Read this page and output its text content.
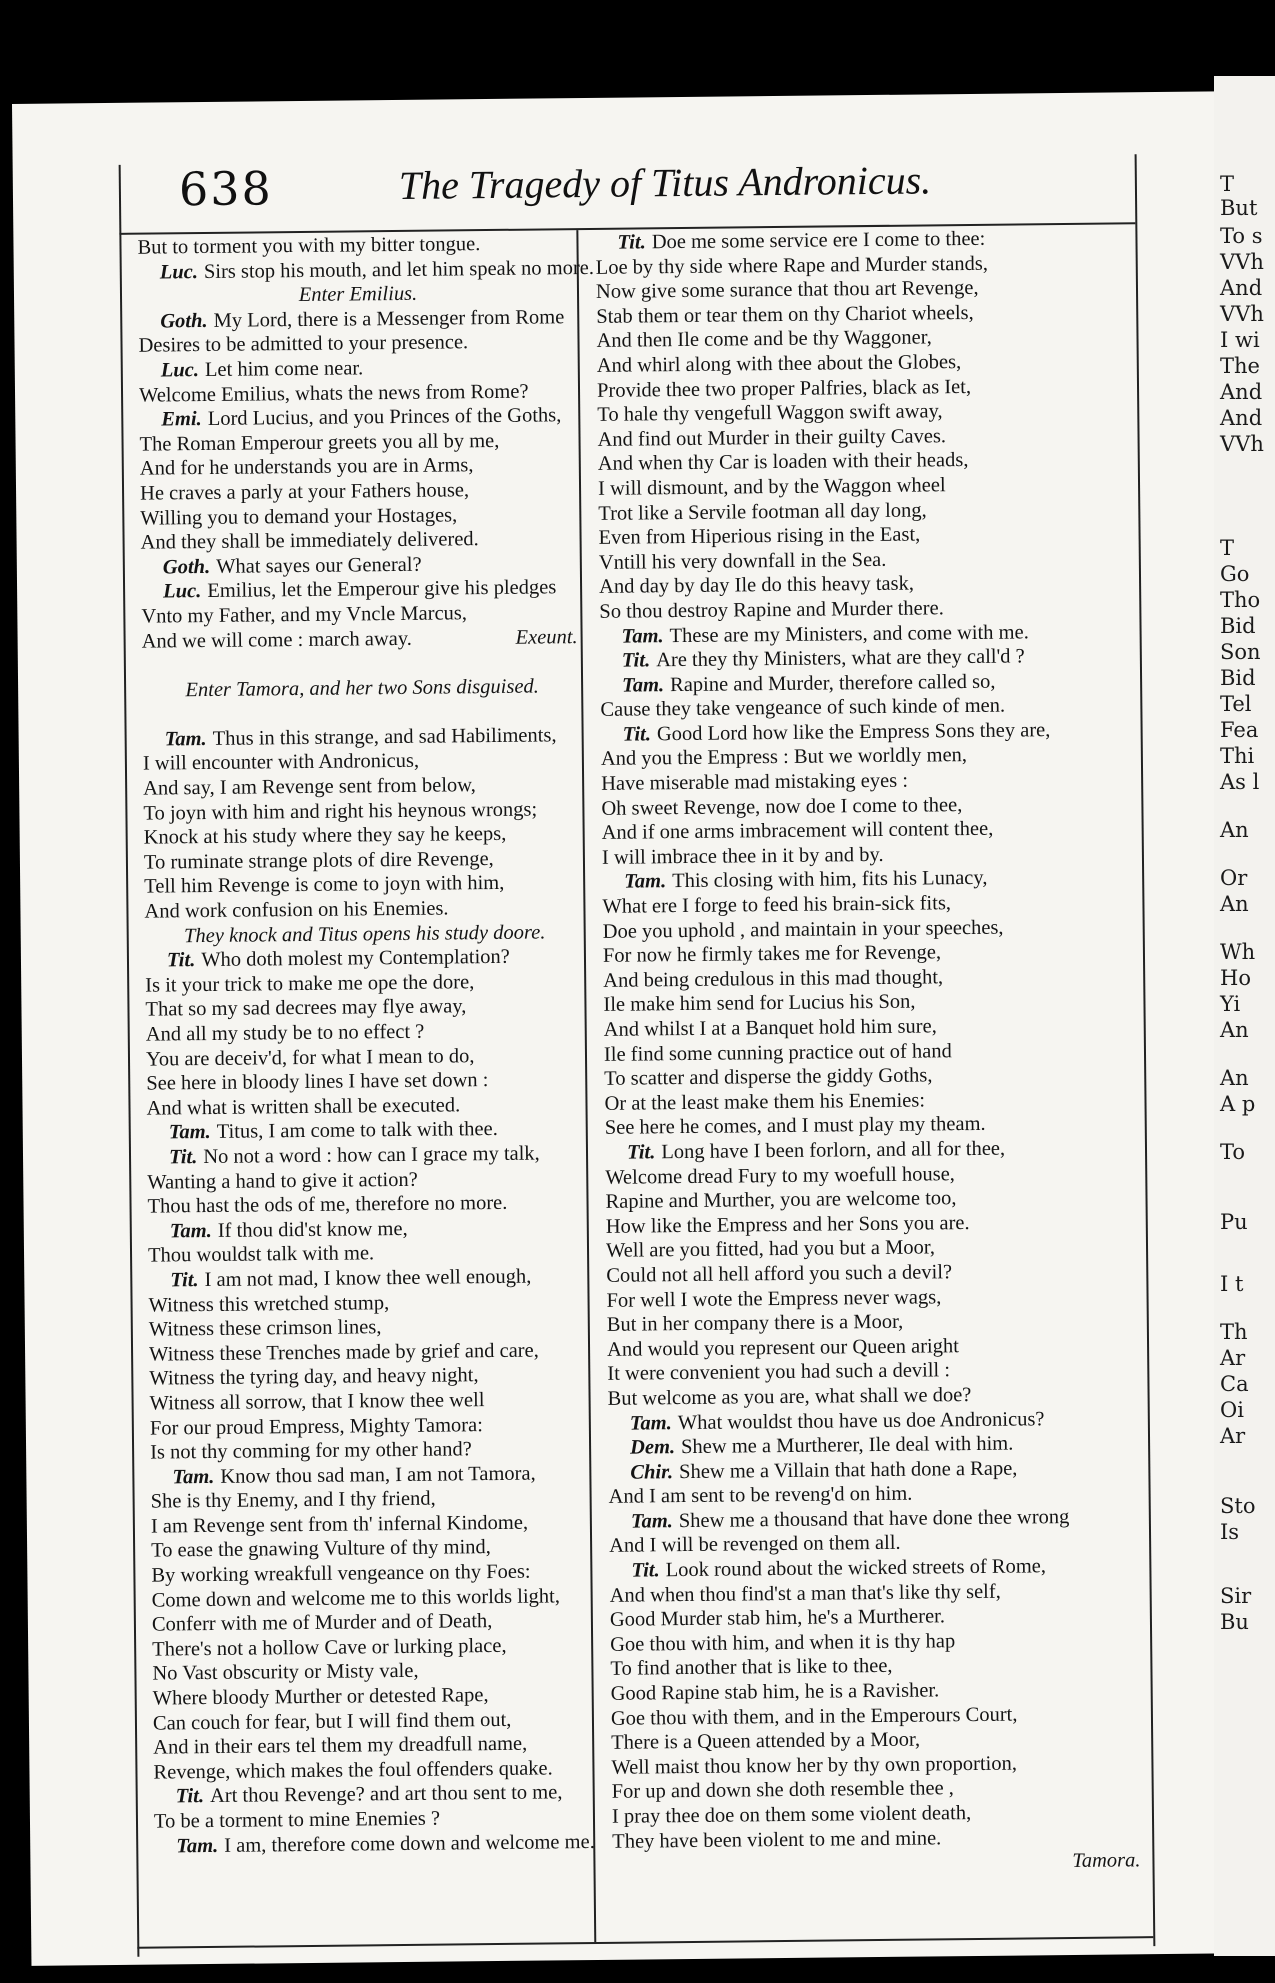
638	The Tragedy of Titus Andronicus.
But to torment you with my bitter tongue.
Luc. Sirs stop his mouth, and let him speak no more.
Enter Emilius.
Goth. My Lord, there is a Messenger from Rome
Desires to be admitted to your presence.
Luc. Let him come near.
Welcome Emilius, whats the news from Rome?
Emi. Lord Lucius, and you Princes of the Goths,
The Roman Emperour greets you all by me,
And for he understands you are in Arms,
He craves a parly at your Fathers house,
Willing you to demand your Hostages,
And they shall be immediately delivered.
Goth. What sayes our General?
Luc. Emilius, let the Emperour give his pledges
Vnto my Father, and my Vncle Marcus,
And we will come : march away.	Exeunt.

Enter Tamora, and her two Sons disguised.

Tam. Thus in this strange, and sad Habiliments,
I will encounter with Andronicus,
And say, I am Revenge sent from below,
To joyn with him and right his heynous wrongs;
Knock at his study where they say he keeps,
To ruminate strange plots of dire Revenge,
Tell him Revenge is come to joyn with him,
And work confusion on his Enemies.
They knock and Titus opens his study doore.
Tit. Who doth molest my Contemplation?
Is it your trick to make me ope the dore,
That so my sad decrees may flye away,
And all my study be to no effect ?
You are deceiv'd, for what I mean to do,
See here in bloody lines I have set down :
And what is written shall be executed.
Tam. Titus, I am come to talk with thee.
Tit. No not a word : how can I grace my talk,
Wanting a hand to give it action?
Thou hast the ods of me, therefore no more.
Tam. If thou did'st know me,
Thou wouldst talk with me.
Tit. I am not mad, I know thee well enough,
Witness this wretched stump,
Witness these crimson lines,
Witness these Trenches made by grief and care,
Witness the tyring day, and heavy night,
Witness all sorrow, that I know thee well
For our proud Empress, Mighty Tamora:
Is not thy comming for my other hand?
Tam. Know thou sad man, I am not Tamora,
She is thy Enemy, and I thy friend,
I am Revenge sent from th' infernal Kindome,
To ease the gnawing Vulture of thy mind,
By working wreakfull vengeance on thy Foes:
Come down and welcome me to this worlds light,
Conferr with me of Murder and of Death,
There's not a hollow Cave or lurking place,
No Vast obscurity or Misty vale,
Where bloody Murther or detested Rape,
Can couch for fear, but I will find them out,
And in their ears tel them my dreadfull name,
Revenge, which makes the foul offenders quake.
Tit. Art thou Revenge? and art thou sent to me,
To be a torment to mine Enemies ?
Tam. I am, therefore come down and welcome me.
Tit. Doe me some service ere I come to thee:
Loe by thy side where Rape and Murder stands,
Now give some surance that thou art Revenge,
Stab them or tear them on thy Chariot wheels,
And then Ile come and be thy Waggoner,
And whirl along with thee about the Globes,
Provide thee two proper Palfries, black as Iet,
To hale thy vengefull Waggon swift away,
And find out Murder in their guilty Caves.
And when thy Car is loaden with their heads,
I will dismount, and by the Waggon wheel
Trot like a Servile footman all day long,
Even from Hiperious rising in the East,
Vntill his very downfall in the Sea.
And day by day Ile do this heavy task,
So thou destroy Rapine and Murder there.
Tam. These are my Ministers, and come with me.
Tit. Are they thy Ministers, what are they call'd ?
Tam. Rapine and Murder, therefore called so,
Cause they take vengeance of such kinde of men.
Tit. Good Lord how like the Empress Sons they are,
And you the Empress : But we worldly men,
Have miserable mad mistaking eyes :
Oh sweet Revenge, now doe I come to thee,
And if one arms imbracement will content thee,
I will imbrace thee in it by and by.
Tam. This closing with him, fits his Lunacy,
What ere I forge to feed his brain-sick fits,
Doe you uphold , and maintain in your speeches,
For now he firmly takes me for Revenge,
And being credulous in this mad thought,
Ile make him send for Lucius his Son,
And whilst I at a Banquet hold him sure,
Ile find some cunning practice out of hand
To scatter and disperse the giddy Goths,
Or at the least make them his Enemies:
See here he comes, and I must play my theam.
Tit. Long have I been forlorn, and all for thee,
Welcome dread Fury to my woefull house,
Rapine and Murther, you are welcome too,
How like the Empress and her Sons you are.
Well are you fitted, had you but a Moor,
Could not all hell afford you such a devil?
For well I wote the Empress never wags,
But in her company there is a Moor,
And would you represent our Queen aright
It were convenient you had such a devill :
But welcome as you are, what shall we doe?
Tam. What wouldst thou have us doe Andronicus?
Dem. Shew me a Murtherer, Ile deal with him.
Chir. Shew me a Villain that hath done a Rape,
And I am sent to be reveng'd on him.
Tam. Shew me a thousand that have done thee wrong
And I will be revenged on them all.
Tit. Look round about the wicked streets of Rome,
And when thou find'st a man that's like thy self,
Good Murder stab him, he's a Murtherer.
Goe thou with him, and when it is thy hap
To find another that is like to thee,
Good Rapine stab him, he is a Ravisher.
Goe thou with them, and in the Emperours Court,
There is a Queen attended by a Moor,
Well maist thou know her by thy own proportion,
For up and down she doth resemble thee ,
I pray thee doe on them some violent death,
They have been violent to me and mine.
Tamora.
T
But
To s
VVh
And
VVh
I wi
The
And
And
VVh
T
Go
Tho
Bid
Son
Bid
Tel
Fea
Thi
As l
An
Or
An
Wh
Ho
Yi
An
An
A p
To
Pu
I t
Th
Ar
Ca
Oi
Ar
Sto
Is
Sir
Bu
